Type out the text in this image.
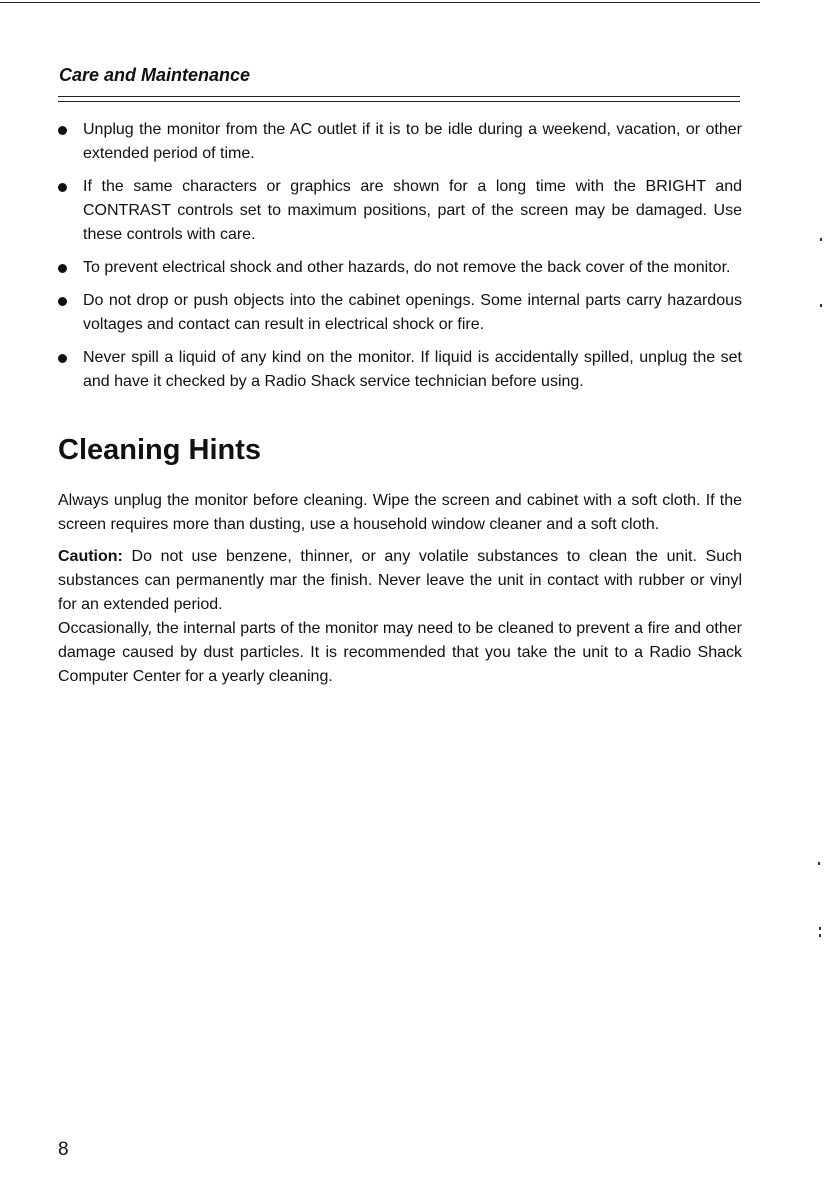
Care and Maintenance
Unplug the monitor from the AC outlet if it is to be idle during a weekend, vacation, or other extended period of time.
If the same characters or graphics are shown for a long time with the BRIGHT and CONTRAST controls set to maximum positions, part of the screen may be damaged. Use these controls with care.
To prevent electrical shock and other hazards, do not remove the back cover of the monitor.
Do not drop or push objects into the cabinet openings. Some internal parts carry hazardous voltages and contact can result in electrical shock or fire.
Never spill a liquid of any kind on the monitor. If liquid is accidentally spilled, unplug the set and have it checked by a Radio Shack service technician before using.
Cleaning Hints

Always unplug the monitor before cleaning. Wipe the screen and cabinet with a soft cloth. If the screen requires more than dusting, use a household window cleaner and a soft cloth.

Caution: Do not use benzene, thinner, or any volatile substances to clean the unit. Such substances can permanently mar the finish. Never leave the unit in contact with rubber or vinyl for an extended period.

Occasionally, the internal parts of the monitor may need to be cleaned to prevent a fire and other damage caused by dust particles. It is recommended that you take the unit to a Radio Shack Computer Center for a yearly cleaning.

8
